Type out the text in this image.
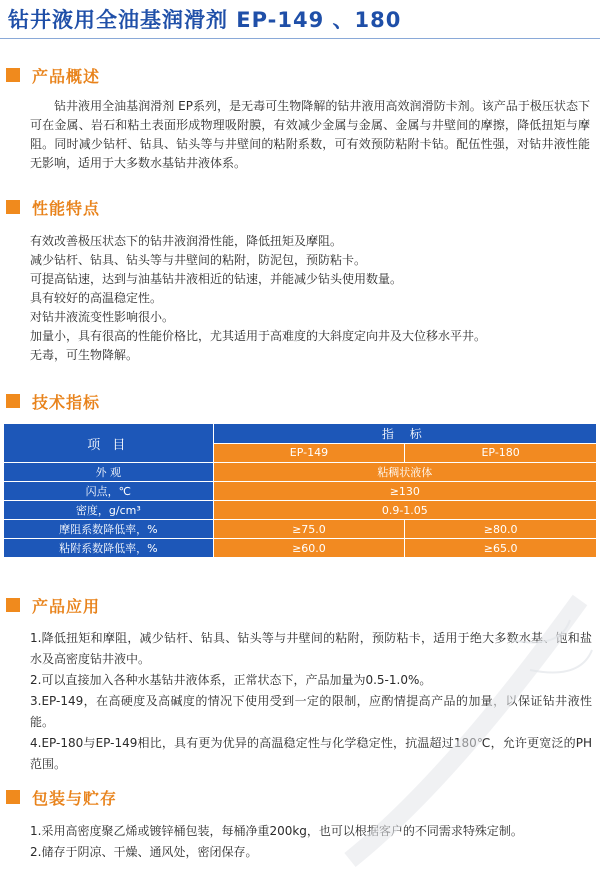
钻井液用全油基润滑剂 EP-149 、180
产品概述
钻井液用全油基润滑剂 EP系列，是无毒可生物降解的钻井液用高效润滑防卡剂。该产品于极压状态下可在金属、岩石和粘土表面形成物理吸附膜，有效减少金属与金属、金属与井壁间的摩擦，降低扭矩与摩阻。同时减少钻杆、钻具、钻头等与井壁间的粘附系数，可有效预防粘附卡钻。配伍性强，对钻井液性能无影响，适用于大多数水基钻井液体系。
性能特点
有效改善极压状态下的钻井液润滑性能，降低扭矩及摩阻。
减少钻杆、钻具、钻头等与井壁间的粘附，防泥包，预防粘卡。
可提高钻速，达到与油基钻井液相近的钻速，并能减少钻头使用数量。
具有较好的高温稳定性。
对钻井液流变性影响很小。
加量小，具有很高的性能价格比，尤其适用于高难度的大斜度定向井及大位移水平井。
无毒，可生物降解。
技术指标
项 目	指 标	
	EP-149	EP-180
外 观	粘稠状液体	
闪点，℃	≥130	
密度，g/cm³	0.9-1.05	
摩阻系数降低率，%	≥75.0	≥80.0
粘附系数降低率，%	≥60.0	≥65.0
产品应用
1.降低扭矩和摩阻，减少钻杆、钻具、钻头等与井壁间的粘附，预防粘卡，适用于绝大多数水基、饱和盐水及高密度钻井液中。
2.可以直接加入各种水基钻井液体系，正常状态下，产品加量为0.5-1.0%。
3.EP-149，在高硬度及高碱度的情况下使用受到一定的限制，应酌情提高产品的加量，以保证钻井液性能。
4.EP-180与EP-149相比，具有更为优异的高温稳定性与化学稳定性，抗温超过180℃，允许更宽泛的PH范围。
包装与贮存
1.采用高密度聚乙烯或镀锌桶包装，每桶净重200kg，也可以根据客户的不同需求特殊定制。
2.储存于阴凉、干燥、通风处，密闭保存。
